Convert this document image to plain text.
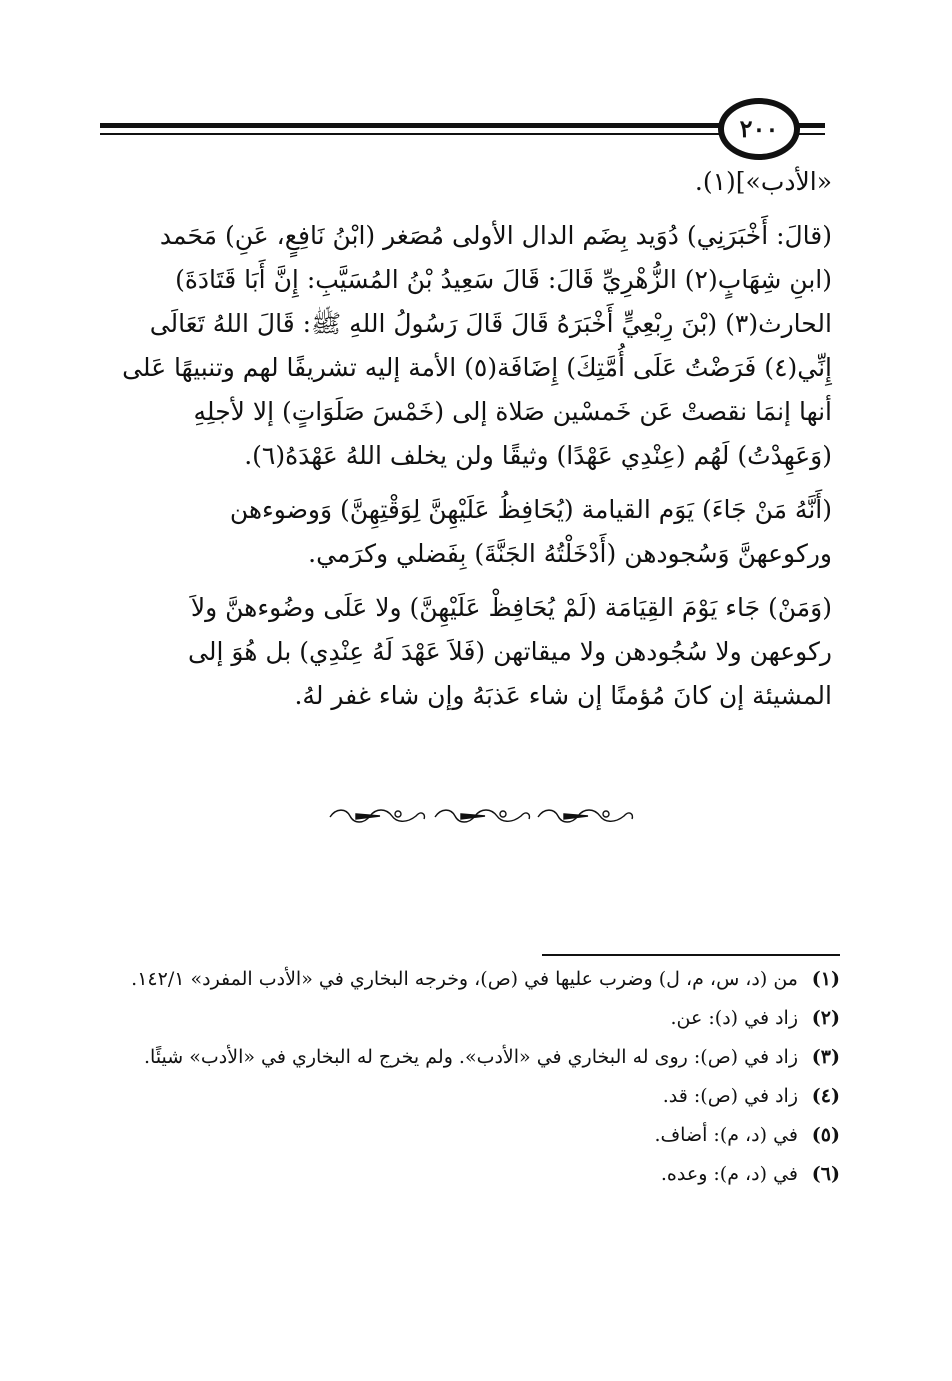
٢٠٠

«الأدب»](١).

(قالَ: أَخْبَرَنِي) دُوَيد بِضَم الدال الأولى مُصَغر (ابْنُ نَافِعٍ، عَنِ) مَحَمد

(ابنِ شِهَابٍ(٢) الزُّهْرِيِّ قَالَ: قَالَ سَعِيدُ بْنُ المُسَيَّبِ: إِنَّ أَبَا قَتَادَةَ)

الحارث(٣) (بْنَ رِبْعِيٍّ أَخْبَرَهُ قَالَ قَالَ رَسُولُ اللهِ ﷺ: قَالَ اللهُ تَعَالَى

إِنِّي(٤) فَرَضْتُ عَلَى أُمَّتِكَ) إِضَافَة(٥) الأمة إليه تشريفًا لهم وتنبيهًا عَلى

أنها إنمَا نقصتْ عَن خَمسْين صَلاة إلى (خَمْسَ صَلَوَاتٍ) إلا لأجلِهِ

(وَعَهِدْتُ) لَهُم (عِنْدِي عَهْدًا) وثيقًا ولن يخلف اللهُ عَهْدَهُ(٦).

(أَنَّهُ مَنْ جَاءَ) يَوَم القيامة (يُحَافِظُ عَلَيْهِنَّ لِوَقْتِهِنَّ) وَوضوءهن

وركوعهنَّ وَسُجودهن (أَدْخَلْتُهُ الجَنَّةَ) بِفَضلي وكرَمي.

(وَمَنْ) جَاء يَوْمَ القِيَامَة (لَمْ يُحَافِظْ عَلَيْهِنَّ) ولا عَلَى وضُوءهنَّ ولاَ

ركوعهن ولا سُجُودهن ولا ميقاتهن (فَلاَ عَهْدَ لَهُ عِنْدِي) بل هُوَ إلى

المشيئة إن كانَ مُؤمنًا إن شاء عَذبَهُ وإن شاء غفر لهُ.

(١)
من (د، س، م، ل) وضرب عليها في (ص)، وخرجه البخاري في «الأدب المفرد» ١٤٢/١.
(٢)
زاد في (د): عن.
(٣)
زاد في (ص): روى له البخاري في «الأدب». ولم يخرج له البخاري في «الأدب» شيئًا.
(٤)
زاد في (ص): قد.
(٥)
في (د، م): أضاف.
(٦)
في (د، م): وعده.
